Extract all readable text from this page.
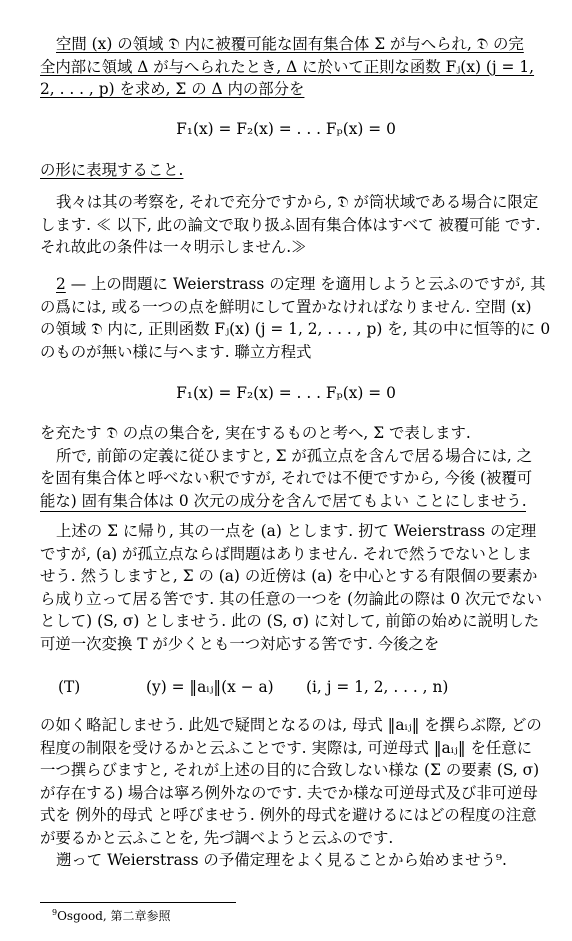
空間 (x) の領域 𝔇 内に被覆可能な固有集合体 Σ が与へられ, 𝔇 の完
全内部に領域 Δ が与へられたとき, Δ に於いて正則な函数 Fⱼ(x) (j = 1,
2, . . . , p) を求め, Σ の Δ 内の部分を
F₁(x) = F₂(x) = . . . Fₚ(x) = 0
の形に表現すること.
我々は其の考察を, それで充分ですから, 𝔇 が筒状域である場合に限定
します. ≪ 以下, 此の論文で取り扱ふ固有集合体はすべて 被覆可能 です.
それ故此の条件は一々明示しません.≫
2 — 上の問題に Weierstrass の定理 を適用しようと云ふのですが, 其
の爲には, 或る一つの点を鮮明にして置かなければなりません. 空間 (x)
の領域 𝔇 内に, 正則函数 Fⱼ(x) (j = 1, 2, . . . , p) を, 其の中に恒等的に 0
のものが無い様に与へます. 聯立方程式
F₁(x) = F₂(x) = . . . Fₚ(x) = 0
を充たす 𝔇 の点の集合を, 実在するものと考へ, Σ で表します.
所で, 前節の定義に従ひますと, Σ が孤立点を含んで居る場合には, 之
を固有集合体と呼べない釈ですが, それでは不便ですから, 今後 (被覆可
能な) 固有集合体は 0 次元の成分を含んで居てもよい ことにしませう.
上述の Σ に帰り, 其の一点を (a) とします. 扨て Weierstrass の定理
ですが, (a) が孤立点ならば問題はありません. それで然うでないとしま
せう. 然うしますと, Σ の (a) の近傍は (a) を中心とする有限個の要素か
ら成り立って居る筈です. 其の任意の一つを (勿論此の際は 0 次元でない
として) (S, σ) としませう. 此の (S, σ) に対して, 前節の始めに説明した
可逆一次変換 T が少くとも一つ対応する筈です. 今後之を
(T)	(y) = ‖aᵢⱼ‖(x − a) (i, j = 1, 2, . . . , n)
の如く略記しませう. 此処で疑問となるのは, 母式 ‖aᵢⱼ‖ を撰らぶ際, どの
程度の制限を受けるかと云ふことです. 実際は, 可逆母式 ‖aᵢⱼ‖ を任意に
一つ撰らびますと, それが上述の目的に合致しない様な (Σ の要素 (S, σ)
が存在する) 場合は寧ろ例外なのです. 夫でか様な可逆母式及び非可逆母
式を 例外的母式 と呼びませう. 例外的母式を避けるにはどの程度の注意
が要るかと云ふことを, 先づ調べようと云ふのです.
遡って Weierstrass の予備定理をよく見ることから始めませう⁹.
$^9$Osgood, 第二章参照
